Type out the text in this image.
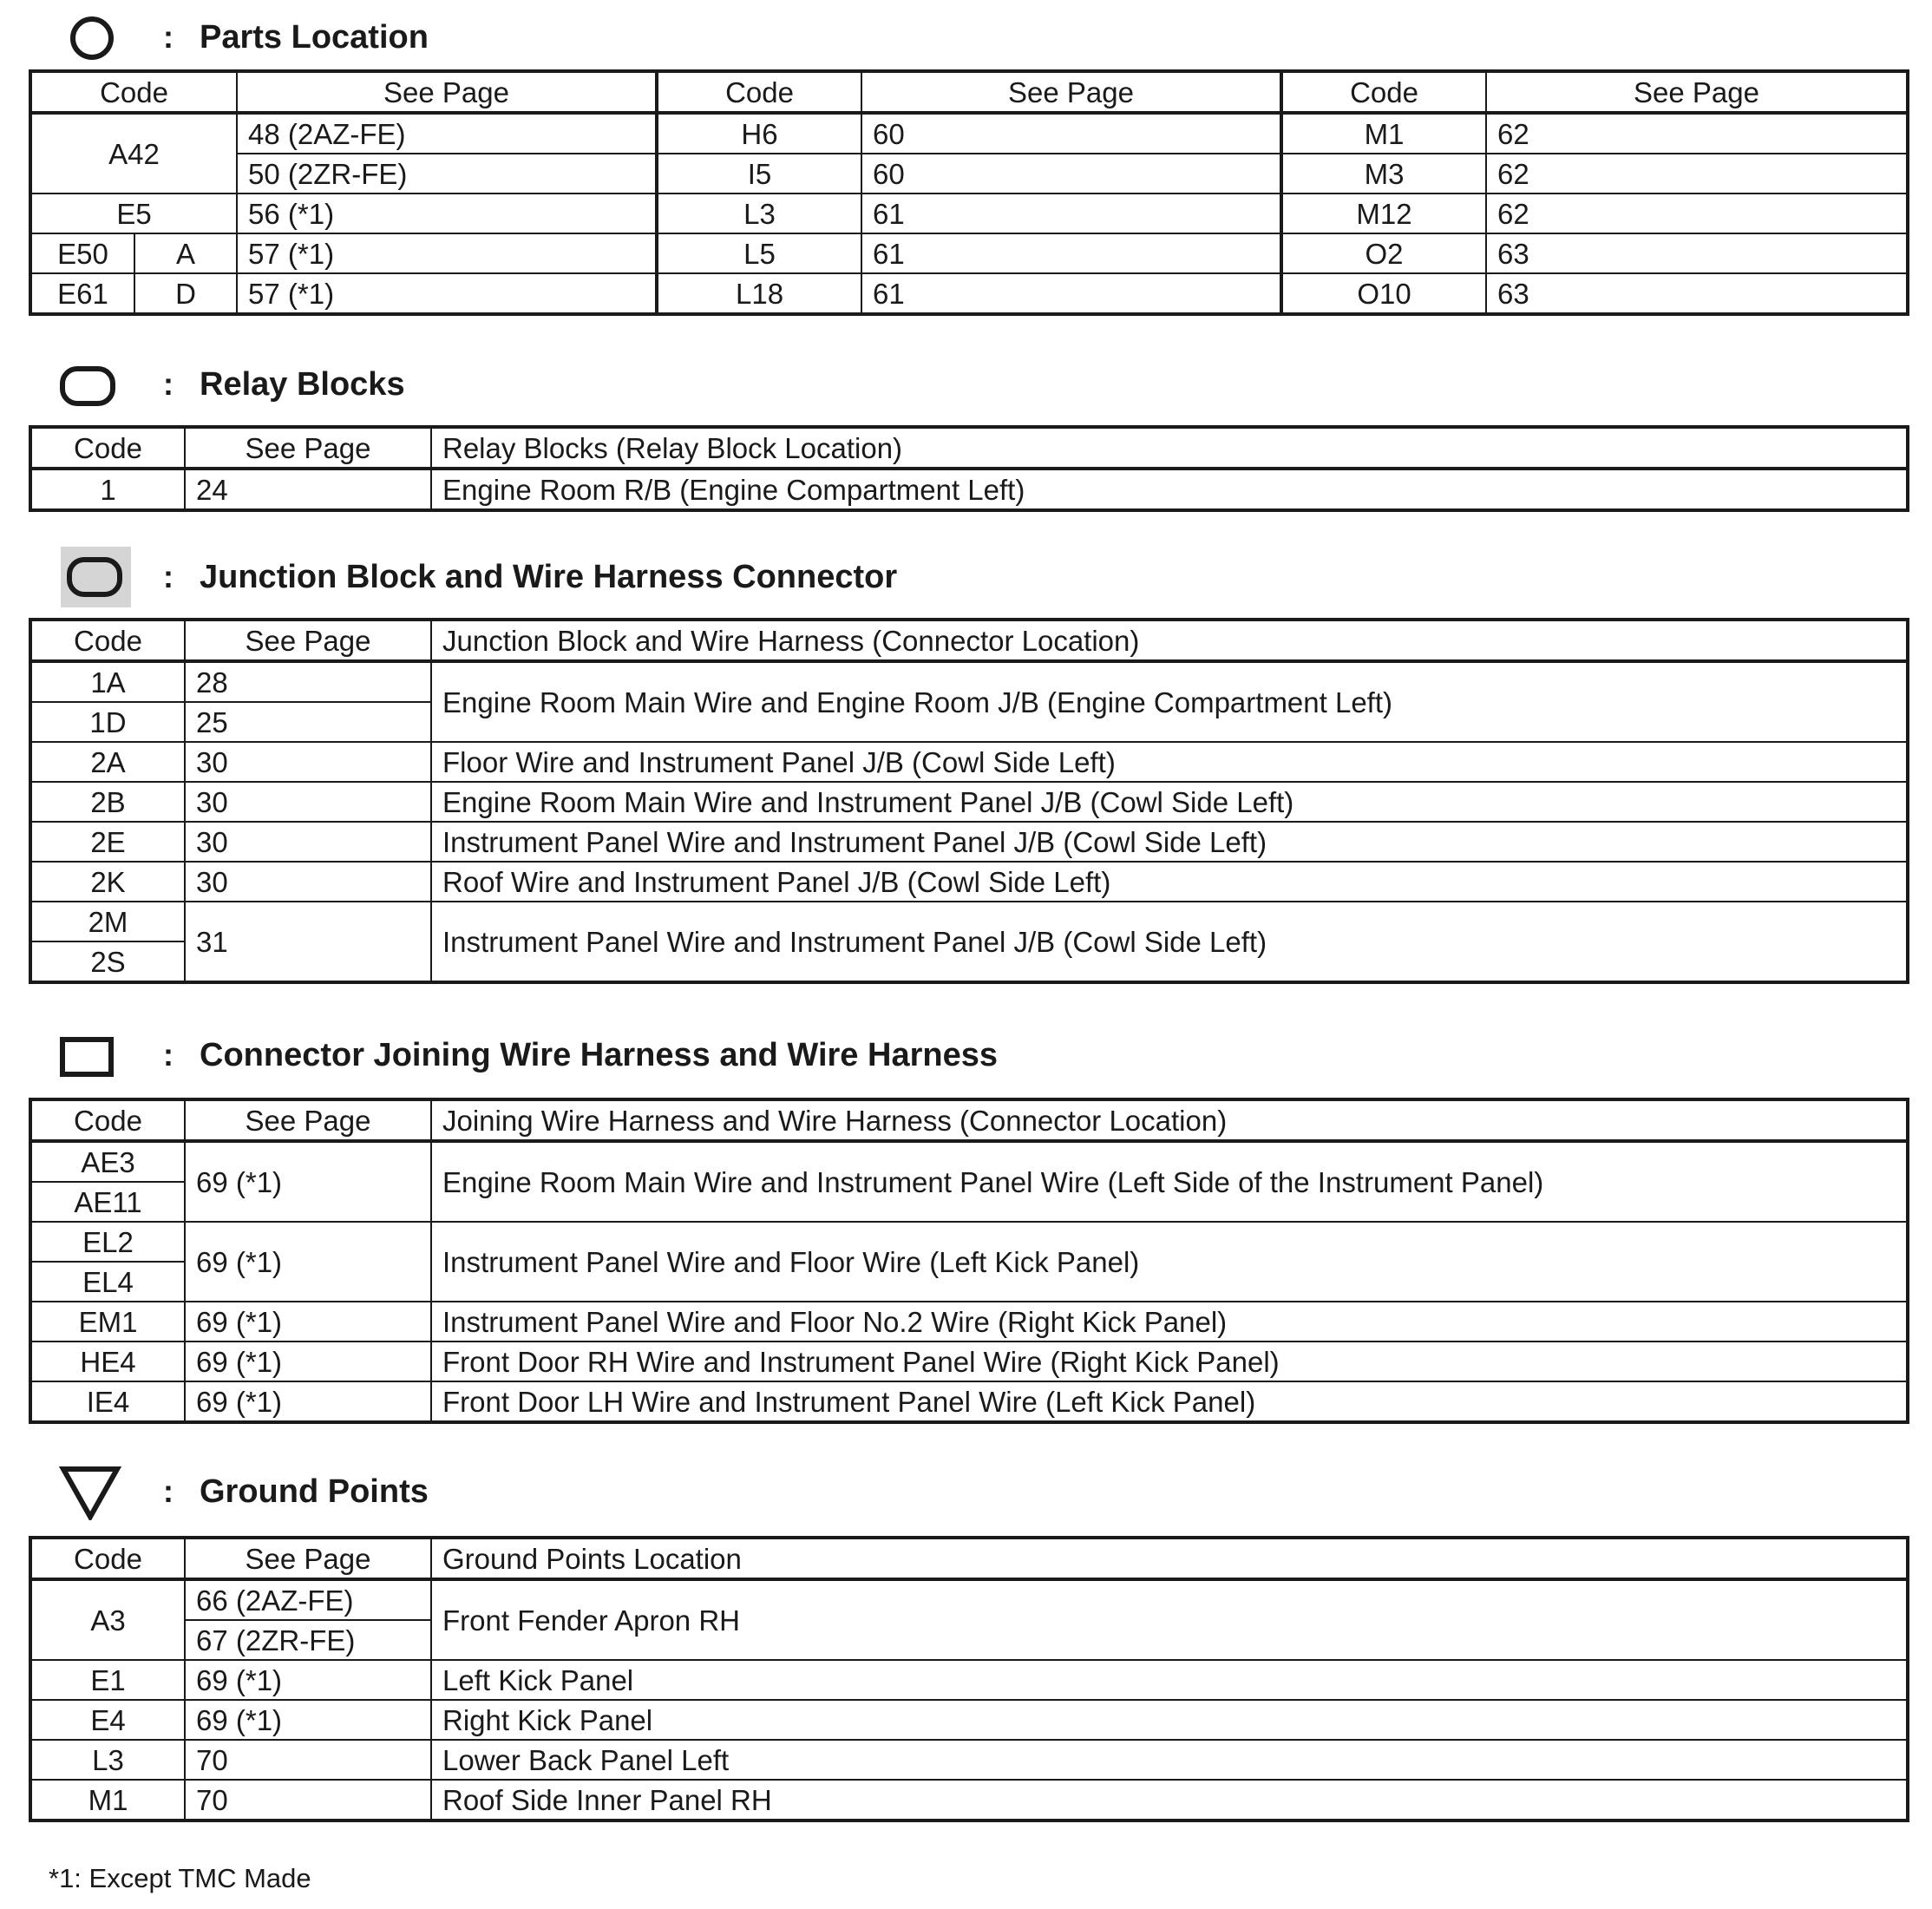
: Parts Location
Code		See Page	Code	See Page	Code	See Page
A42		48 (2AZ-FE)	H6	60	M1	62
		50 (2ZR-FE)	I5	60	M3	62
E5		56 (*1)	L3	61	M12	62
E50	A	57 (*1)	L5	61	O2	63
E61	D	57 (*1)	L18	61	O10	63
: Relay Blocks
Code	See Page	Relay Blocks (Relay Block Location)
1	24	Engine Room R/B (Engine Compartment Left)
: Junction Block and Wire Harness Connector
Code	See Page	Junction Block and Wire Harness (Connector Location)
1A	28	Engine Room Main Wire and Engine Room J/B (Engine Compartment Left)
1D	25	
2A	30	Floor Wire and Instrument Panel J/B (Cowl Side Left)
2B	30	Engine Room Main Wire and Instrument Panel J/B (Cowl Side Left)
2E	30	Instrument Panel Wire and Instrument Panel J/B (Cowl Side Left)
2K	30	Roof Wire and Instrument Panel J/B (Cowl Side Left)
2M	31	Instrument Panel Wire and Instrument Panel J/B (Cowl Side Left)
2S		
: Connector Joining Wire Harness and Wire Harness
Code	See Page	Joining Wire Harness and Wire Harness (Connector Location)
AE3	69 (*1)	Engine Room Main Wire and Instrument Panel Wire (Left Side of the Instrument Panel)
AE11		
EL2	69 (*1)	Instrument Panel Wire and Floor Wire (Left Kick Panel)
EL4		
EM1	69 (*1)	Instrument Panel Wire and Floor No.2 Wire (Right Kick Panel)
HE4	69 (*1)	Front Door RH Wire and Instrument Panel Wire (Right Kick Panel)
IE4	69 (*1)	Front Door LH Wire and Instrument Panel Wire (Left Kick Panel)
: Ground Points
Code	See Page	Ground Points Location
A3	66 (2AZ-FE)	Front Fender Apron RH
	67 (2ZR-FE)	
E1	69 (*1)	Left Kick Panel
E4	69 (*1)	Right Kick Panel
L3	70	Lower Back Panel Left
M1	70	Roof Side Inner Panel RH
*1: Except TMC Made
